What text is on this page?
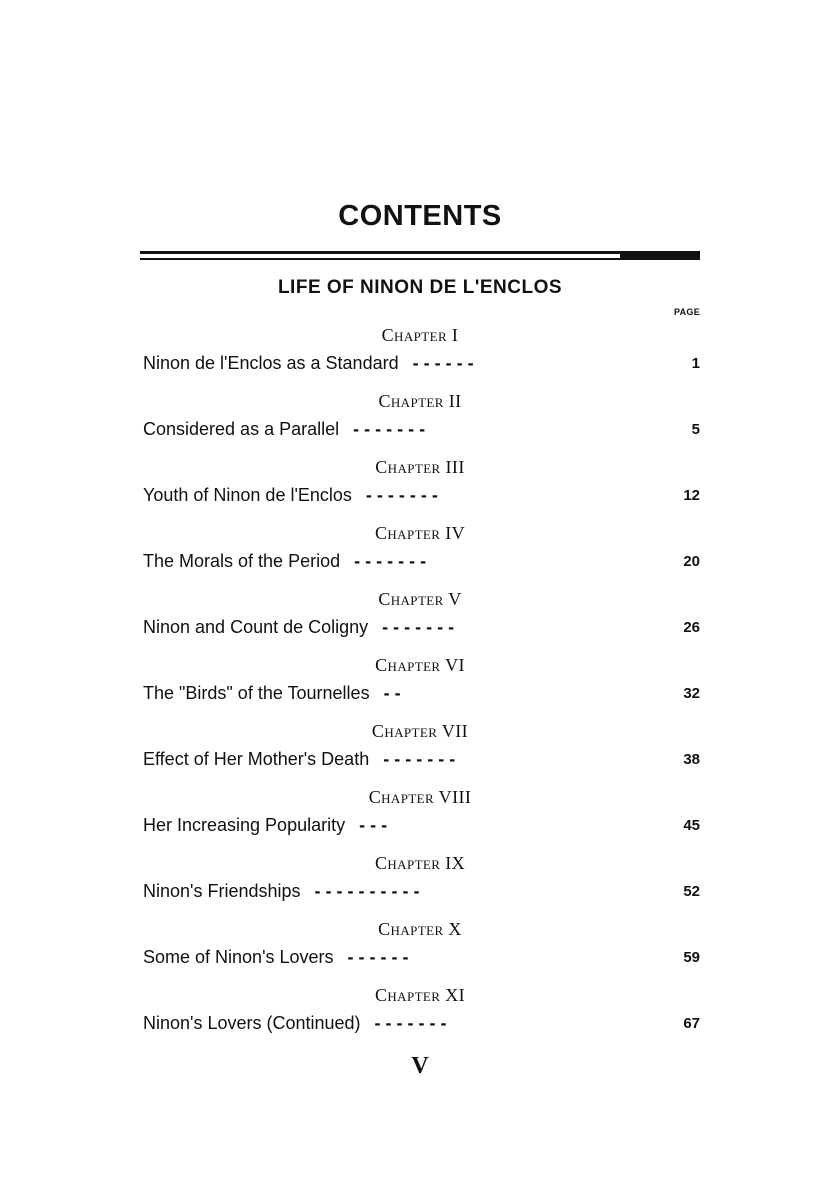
CONTENTS
LIFE OF NINON DE L'ENCLOS
PAGE
Chapter I
Ninon de l'Enclos as a Standard - - - - - -	1
Chapter II
Considered as a Parallel - - - - - - -	5
Chapter III
Youth of Ninon de l'Enclos - - - - - - -	12
Chapter IV
The Morals of the Period - - - - - - -	20
Chapter V
Ninon and Count de Coligny - - - - - - -	26
Chapter VI
The "Birds" of the Tournelles - -	32
Chapter VII
Effect of Her Mother's Death - - - - - - -	38
Chapter VIII
Her Increasing Popularity - - -	45
Chapter IX
Ninon's Friendships - - - - - - - - - -	52
Chapter X
Some of Ninon's Lovers - - - - - -	59
Chapter XI
Ninon's Lovers (Continued) - - - - - - -	67
V
